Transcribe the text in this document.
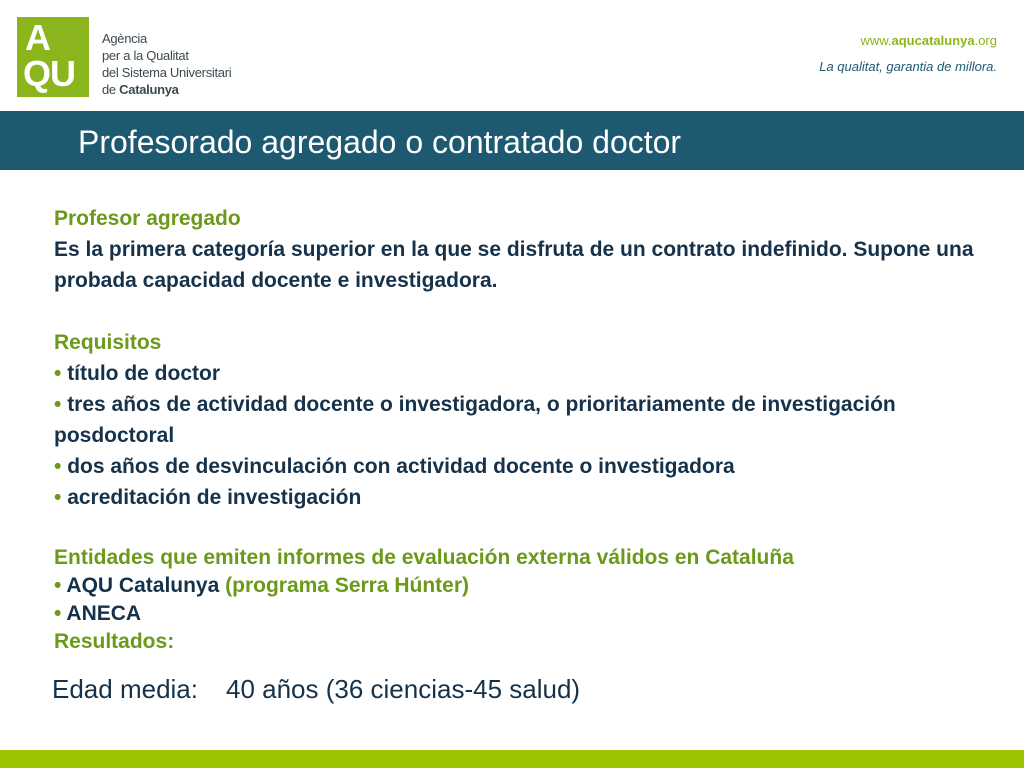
A
QU
Agència
per a la Qualitat
del Sistema Universitari
de Catalunya
www.aqucatalunya.org
La qualitat, garantia de millora.
Profesorado agregado o contratado doctor
Profesor agregado
Es la primera categoría superior en la que se disfruta de un contrato indefinido. Supone una probada capacidad docente e investigadora.
Requisitos
• título de doctor
• tres años de actividad docente o investigadora, o prioritariamente de investigación posdoctoral
• dos años de desvinculación con actividad docente o investigadora
• acreditación de investigación
Entidades que emiten informes de evaluación externa válidos en Cataluña
• AQU Catalunya (programa Serra Húnter)
• ANECA
Resultados:
Edad media: 40 años (36 ciencias-45 salud)
